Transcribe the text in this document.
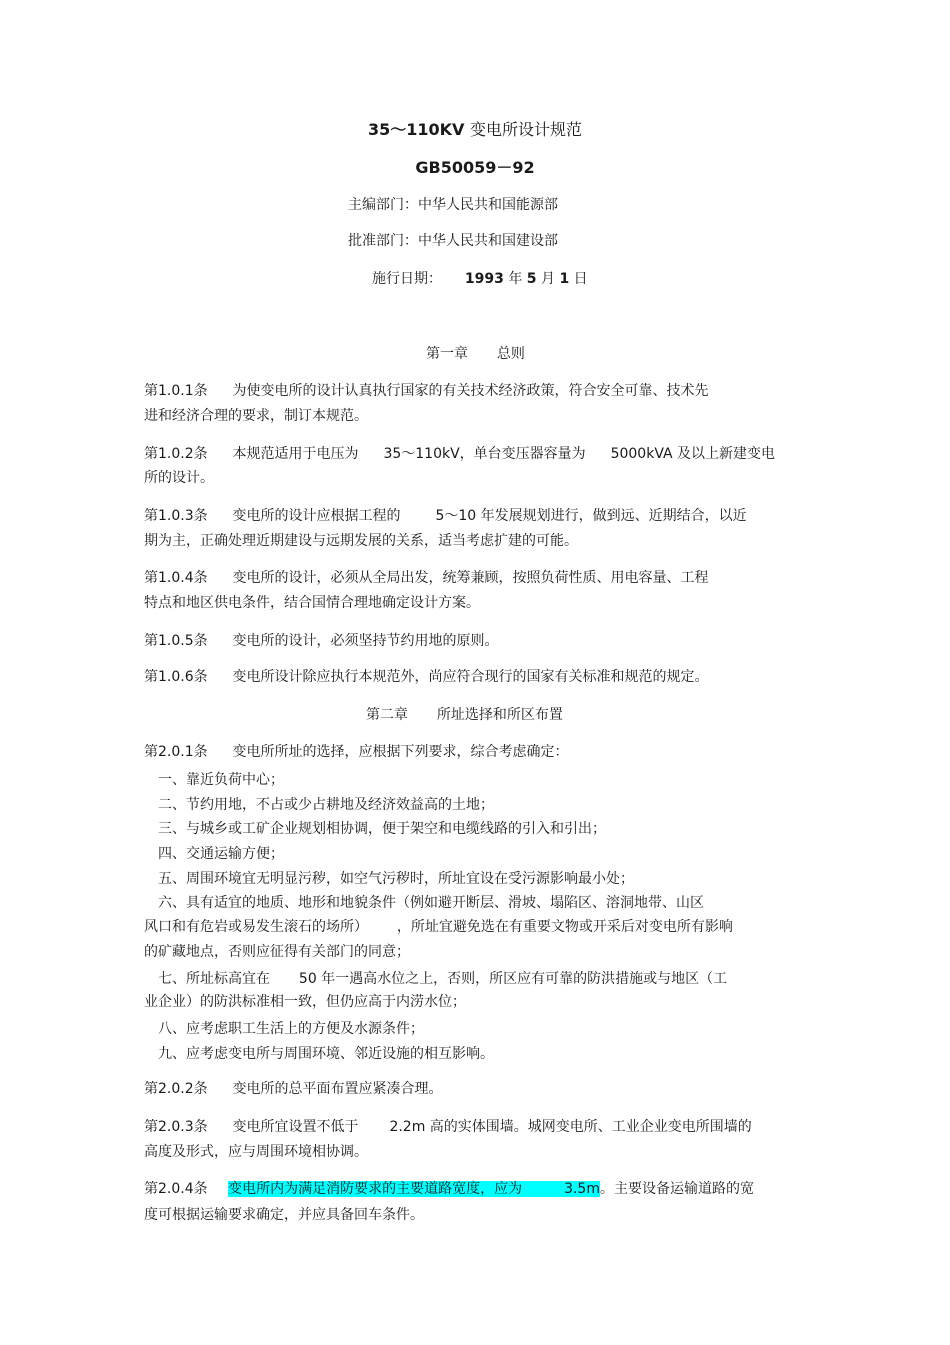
35～110KV 变电所设计规范
GB50059－92
主编部门：中华人民共和国能源部
批准部门：中华人民共和国建设部
施行日期： 1993 年 5 月 1 日
第一章 总则
第1.0.1条 为使变电所的设计认真执行国家的有关技术经济政策，符合安全可靠、技术先
进和经济合理的要求，制订本规范。
第1.0.2条 本规范适用于电压为 35～110kV，单台变压器容量为 5000kVA 及以上新建变电
所的设计。
第1.0.3条 变电所的设计应根据工程的 5～10 年发展规划进行，做到远、近期结合，以近
期为主，正确处理近期建设与远期发展的关系，适当考虑扩建的可能。
第1.0.4条 变电所的设计，必须从全局出发，统筹兼顾，按照负荷性质、用电容量、工程
特点和地区供电条件，结合国情合理地确定设计方案。
第1.0.5条 变电所的设计，必须坚持节约用地的原则。
第1.0.6条 变电所设计除应执行本规范外，尚应符合现行的国家有关标准和规范的规定。
第二章 所址选择和所区布置
第2.0.1条 变电所所址的选择，应根据下列要求，综合考虑确定：
一、靠近负荷中心；
二、节约用地，不占或少占耕地及经济效益高的土地；
三、与城乡或工矿企业规划相协调，便于架空和电缆线路的引入和引出；
四、交通运输方便；
五、周围环境宜无明显污秽，如空气污秽时，所址宜设在受污源影响最小处；
六、具有适宜的地质、地形和地貌条件（例如避开断层、滑坡、塌陷区、溶洞地带、山区
风口和有危岩或易发生滚石的场所） ，所址宜避免选在有重要文物或开采后对变电所有影响
的矿藏地点，否则应征得有关部门的同意；
七、所址标高宜在 50 年一遇高水位之上，否则，所区应有可靠的防洪措施或与地区（工
业企业）的防洪标准相一致，但仍应高于内涝水位；
八、应考虑职工生活上的方便及水源条件；
九、应考虑变电所与周围环境、邻近设施的相互影响。
第2.0.2条 变电所的总平面布置应紧凑合理。
第2.0.3条 变电所宜设置不低于 2.2m 高的实体围墙。城网变电所、工业企业变电所围墙的
高度及形式，应与周围环境相协调。
第2.0.4条 变电所内为满足消防要求的主要道路宽度，应为	3.5m。主要设备运输道路的宽
度可根据运输要求确定，并应具备回车条件。
